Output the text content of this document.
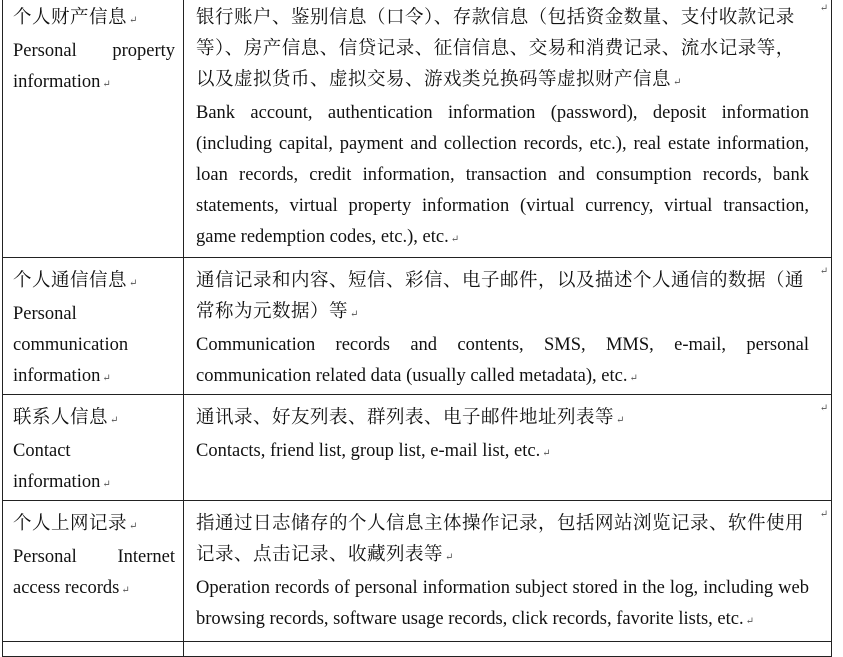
个人财产信息 ↵
Personal property information ↵
银行账户、鉴别信息（口令）、存款信息（包括资金数量、支付收款记录等）、房产信息、信贷记录、征信信息、交易和消费记录、流水记录等，以及虚拟货币、虚拟交易、游戏类兑换码等虚拟财产信息 ↵
Bank account, authentication information (password), deposit information (including capital, payment and collection records, etc.), real estate information, loan records, credit information, transaction and consumption records, bank statements, virtual property information (virtual currency, virtual transaction, game redemption codes, etc.), etc. ↵
↵
个人通信信息 ↵
Personal communication information ↵
通信记录和内容、短信、彩信、电子邮件，以及描述个人通信的数据（通常称为元数据）等 ↵
Communication records and contents, SMS, MMS, e-mail, personal communication related data (usually called metadata), etc. ↵
↵
联系人信息 ↵
Contact information ↵
通讯录、好友列表、群列表、电子邮件地址列表等 ↵
Contacts, friend list, group list, e-mail list, etc. ↵
↵
个人上网记录 ↵
Personal Internet access records ↵
指通过日志储存的个人信息主体操作记录，包括网站浏览记录、软件使用记录、点击记录、收藏列表等 ↵
Operation records of personal information subject stored in the log, including web browsing records, software usage records, click records, favorite lists, etc. ↵
↵
